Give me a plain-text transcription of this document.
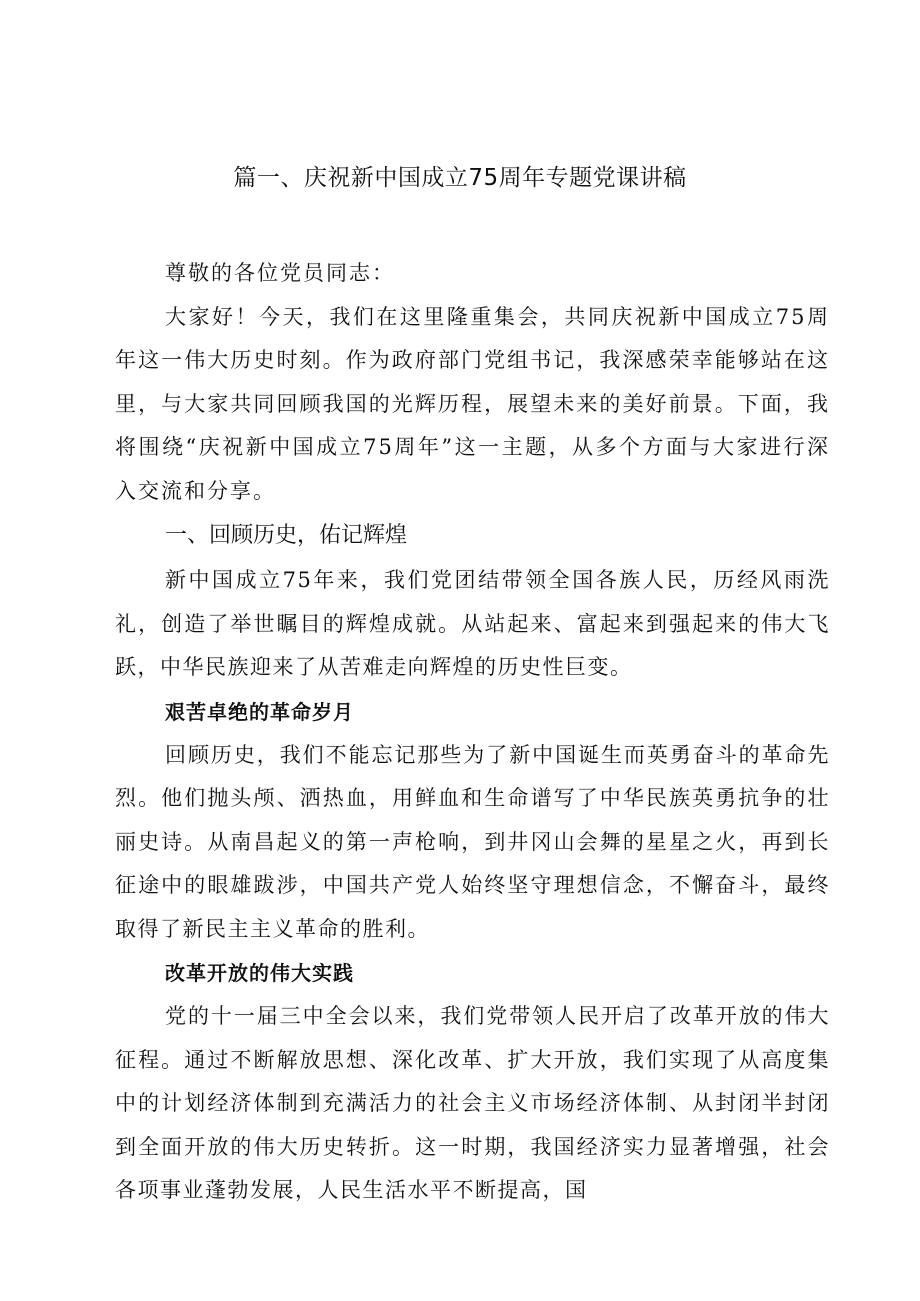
篇一、庆祝新中国成立75周年专题党课讲稿

尊敬的各位党员同志：

大家好！今天，我们在这里隆重集会，共同庆祝新中国成立75周年这一伟大历史时刻。作为政府部门党组书记，我深感荣幸能够站在这里，与大家共同回顾我国的光辉历程，展望未来的美好前景。下面，我将围绕“庆祝新中国成立75周年”这一主题，从多个方面与大家进行深入交流和分享。

一、回顾历史，佑记辉煌

新中国成立75年来，我们党团结带领全国各族人民，历经风雨洗礼，创造了举世瞩目的辉煌成就。从站起来、富起来到强起来的伟大飞跃，中华民族迎来了从苦难走向辉煌的历史性巨变。

艰苦卓绝的革命岁月

回顾历史，我们不能忘记那些为了新中国诞生而英勇奋斗的革命先烈。他们抛头颅、洒热血，用鲜血和生命谱写了中华民族英勇抗争的壮丽史诗。从南昌起义的第一声枪响，到井冈山会舞的星星之火，再到长征途中的眼雄跋涉，中国共产党人始终坚守理想信念，不懈奋斗，最终取得了新民主主义革命的胜利。

改革开放的伟大实践

党的十一届三中全会以来，我们党带领人民开启了改革开放的伟大征程。通过不断解放思想、深化改革、扩大开放，我们实现了从高度集中的计划经济体制到充满活力的社会主义市场经济体制、从封闭半封闭到全面开放的伟大历史转折。这一时期，我国经济实力显著增强，社会各项事业蓬勃发展，人民生活水平不断提高，国
